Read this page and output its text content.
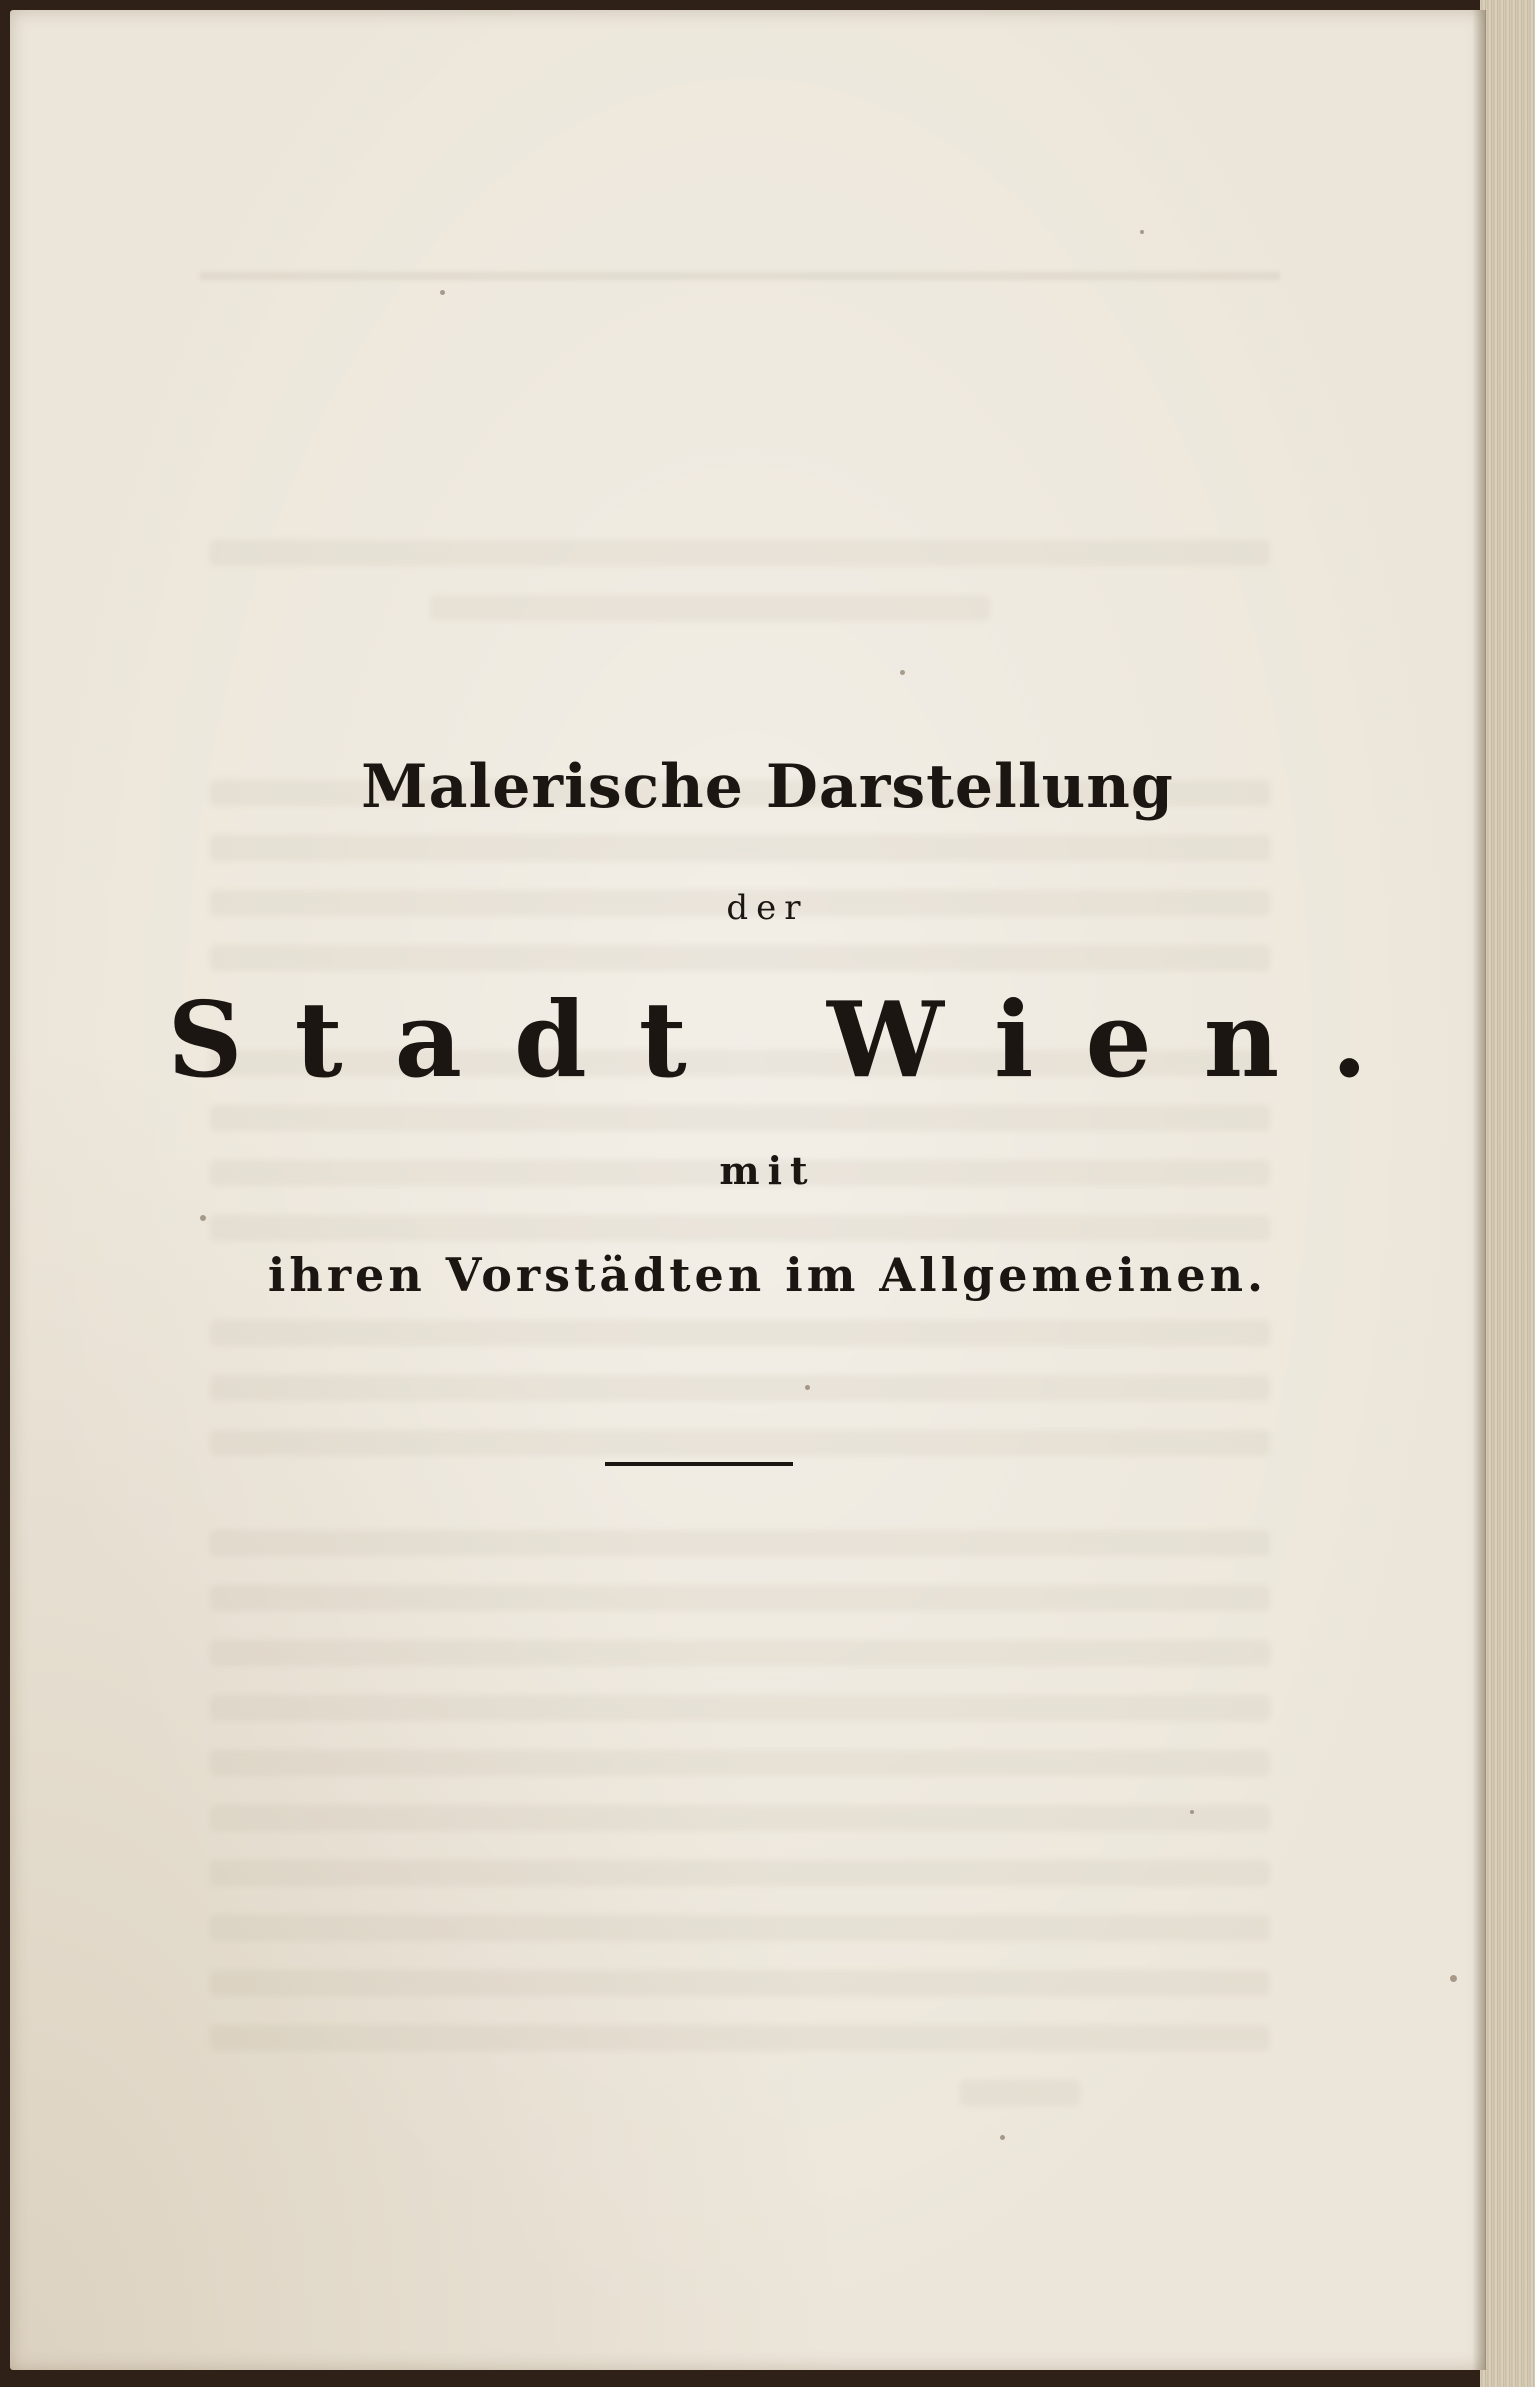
Malerische Darstellung
der
Stadt Wien.
mit
ihren Vorstädten im Allgemeinen.
